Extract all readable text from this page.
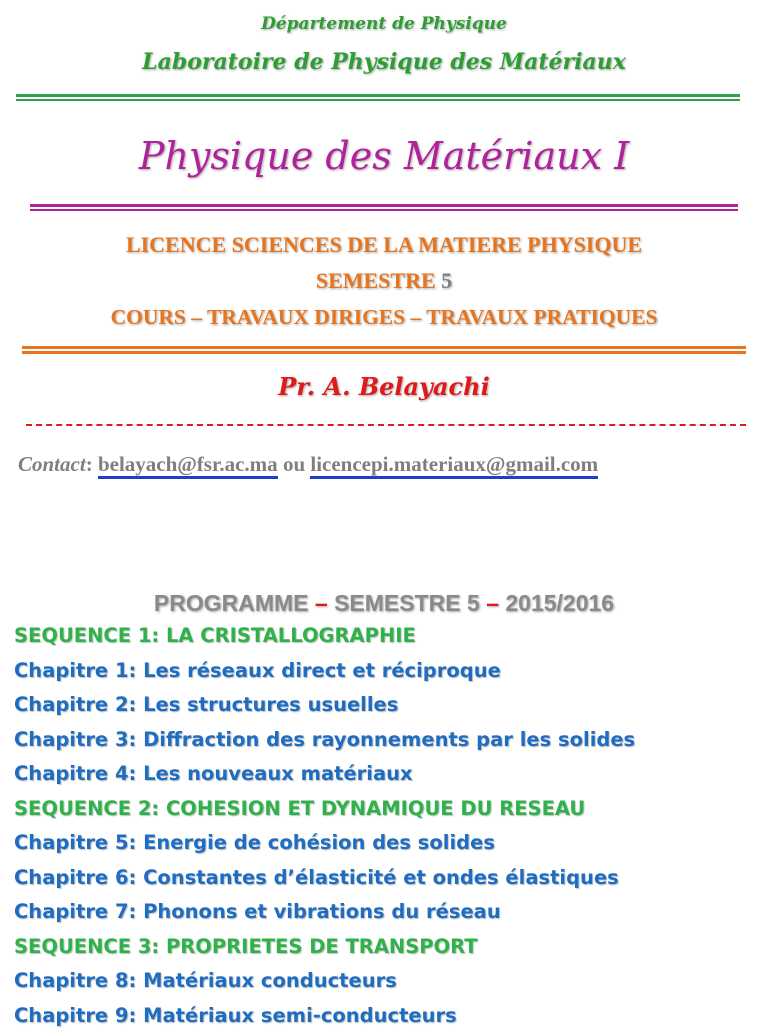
Département de Physique
Laboratoire de Physique des Matériaux
Physique des Matériaux I
LICENCE SCIENCES DE LA MATIERE PHYSIQUE
SEMESTRE 5
COURS – TRAVAUX DIRIGES – TRAVAUX PRATIQUES
Pr. A. Belayachi
Contact: belayach@fsr.ac.ma ou licencepi.materiaux@gmail.com
PROGRAMME – SEMESTRE 5 – 2015/2016
SEQUENCE 1: LA CRISTALLOGRAPHIE
Chapitre 1: Les réseaux direct et réciproque
Chapitre 2: Les structures usuelles
Chapitre 3: Diffraction des rayonnements par les solides
Chapitre 4: Les nouveaux matériaux
SEQUENCE 2: COHESION ET DYNAMIQUE DU RESEAU
Chapitre 5: Energie de cohésion des solides
Chapitre 6: Constantes d’élasticité et ondes élastiques
Chapitre 7: Phonons et vibrations du réseau
SEQUENCE 3: PROPRIETES DE TRANSPORT
Chapitre 8: Matériaux conducteurs
Chapitre 9: Matériaux semi-conducteurs
